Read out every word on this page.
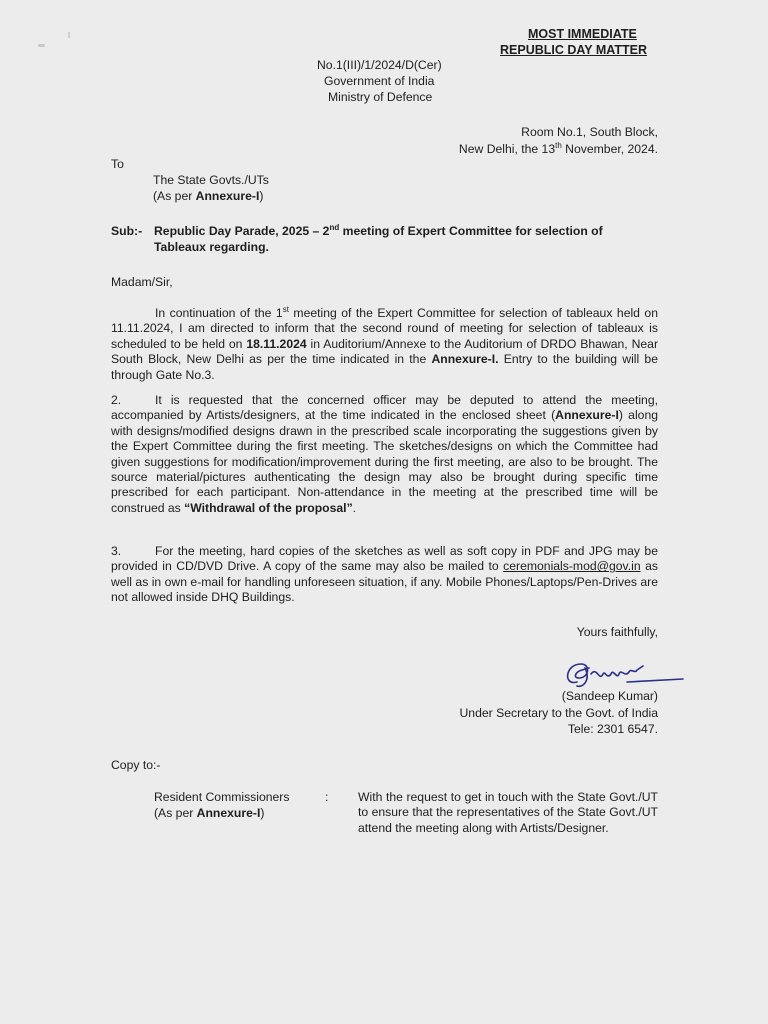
MOST IMMEDIATE
REPUBLIC DAY MATTER
No.1(III)/1/2024/D(Cer)
Government of India
Ministry of Defence
Room No.1, South Block,
New Delhi, the 13th November, 2024.
To
The State Govts./UTs
(As per Annexure-I)
Sub:- Republic Day Parade, 2025 – 2nd meeting of Expert Committee for selection of
Tableaux regarding.
Madam/Sir,
In continuation of the 1st meeting of the Expert Committee for selection of tableaux held on 11.11.2024, I am directed to inform that the second round of meeting for selection of tableaux is scheduled to be held on 18.11.2024 in Auditorium/Annexe to the Auditorium of DRDO Bhawan, Near South Block, New Delhi as per the time indicated in the Annexure-I. Entry to the building will be through Gate No.3.
2.	It is requested that the concerned officer may be deputed to attend the meeting, accompanied by Artists/designers, at the time indicated in the enclosed sheet (Annexure-I) along with designs/modified designs drawn in the prescribed scale incorporating the suggestions given by the Expert Committee during the first meeting. The sketches/designs on which the Committee had given suggestions for modification/improvement during the first meeting, are also to be brought. The source material/pictures authenticating the design may also be brought during specific time prescribed for each participant. Non-attendance in the meeting at the prescribed time will be construed as “Withdrawal of the proposal”.
3.	For the meeting, hard copies of the sketches as well as soft copy in PDF and JPG may be provided in CD/DVD Drive. A copy of the same may also be mailed to ceremonials-mod@gov.in as well as in own e-mail for handling unforeseen situation, if any. Mobile Phones/Laptops/Pen-Drives are not allowed inside DHQ Buildings.
Yours faithfully,
(Sandeep Kumar)
Under Secretary to the Govt. of India
Tele: 2301 6547.
Copy to:-
Resident Commissioners
(As per Annexure-I)
: With the request to get in touch with the State Govt./UT to ensure that the representatives of the State Govt./UT attend the meeting along with Artists/Designer.
